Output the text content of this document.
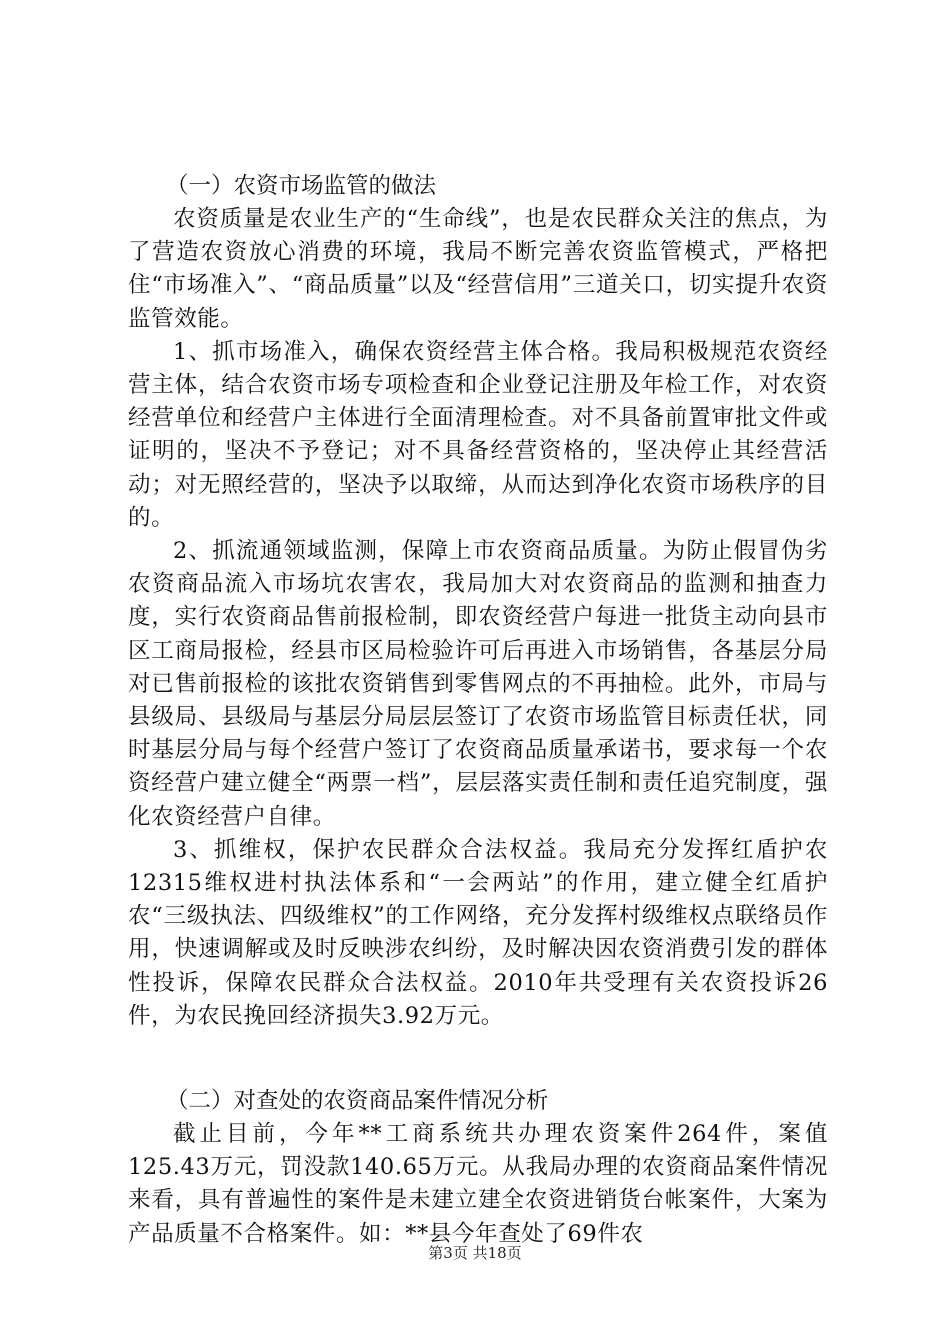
（一）农资市场监管的做法

农资质量是农业生产的“生命线”，也是农民群众关注的焦点，为了营造农资放心消费的环境，我局不断完善农资监管模式，严格把住“市场准入”、“商品质量”以及“经营信用”三道关口，切实提升农资监管效能。

1、抓市场准入，确保农资经营主体合格。我局积极规范农资经营主体，结合农资市场专项检查和企业登记注册及年检工作，对农资经营单位和经营户主体进行全面清理检查。对不具备前置审批文件或证明的，坚决不予登记；对不具备经营资格的，坚决停止其经营活动；对无照经营的，坚决予以取缔，从而达到净化农资市场秩序的目的。

2、抓流通领域监测，保障上市农资商品质量。为防止假冒伪劣农资商品流入市场坑农害农，我局加大对农资商品的监测和抽查力度，实行农资商品售前报检制，即农资经营户每进一批货主动向县市区工商局报检，经县市区局检验许可后再进入市场销售，各基层分局对已售前报检的该批农资销售到零售网点的不再抽检。此外，市局与县级局、县级局与基层分局层层签订了农资市场监管目标责任状，同时基层分局与每个经营户签订了农资商品质量承诺书，要求每一个农资经营户建立健全“两票一档”，层层落实责任制和责任追究制度，强化农资经营户自律。

3、抓维权，保护农民群众合法权益。我局充分发挥红盾护农12315维权进村执法体系和“一会两站”的作用，建立健全红盾护农“三级执法、四级维权”的工作网络，充分发挥村级维权点联络员作用，快速调解或及时反映涉农纠纷，及时解决因农资消费引发的群体性投诉，保障农民群众合法权益。2010年共受理有关农资投诉26件，为农民挽回经济损失3.92万元。

（二）对查处的农资商品案件情况分析

截止目前，今年**工商系统共办理农资案件264件，案值125.43万元，罚没款140.65万元。从我局办理的农资商品案件情况来看，具有普遍性的案件是未建立建全农资进销货台帐案件，大案为产品质量不合格案件。如：**县今年查处了69件农

第3页 共18页
